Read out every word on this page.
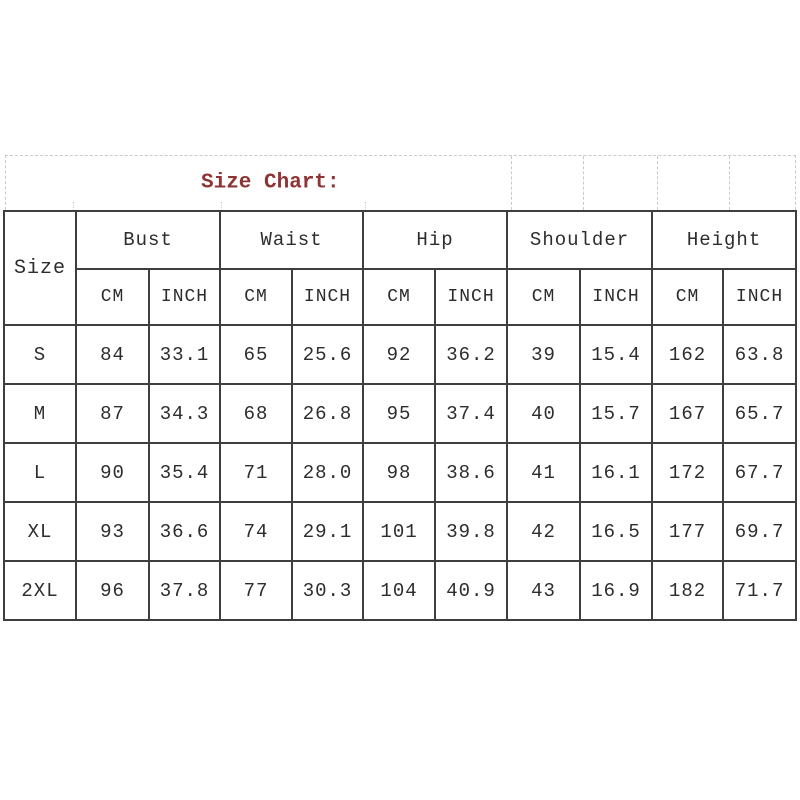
Size Chart:
Size	Bust		Waist		Hip		Shoulder		Height	
	CM	INCH	CM	INCH	CM	INCH	CM	INCH	CM	INCH
S	84	33.1	65	25.6	92	36.2	39	15.4	162	63.8
M	87	34.3	68	26.8	95	37.4	40	15.7	167	65.7
L	90	35.4	71	28.0	98	38.6	41	16.1	172	67.7
XL	93	36.6	74	29.1	101	39.8	42	16.5	177	69.7
2XL	96	37.8	77	30.3	104	40.9	43	16.9	182	71.7
